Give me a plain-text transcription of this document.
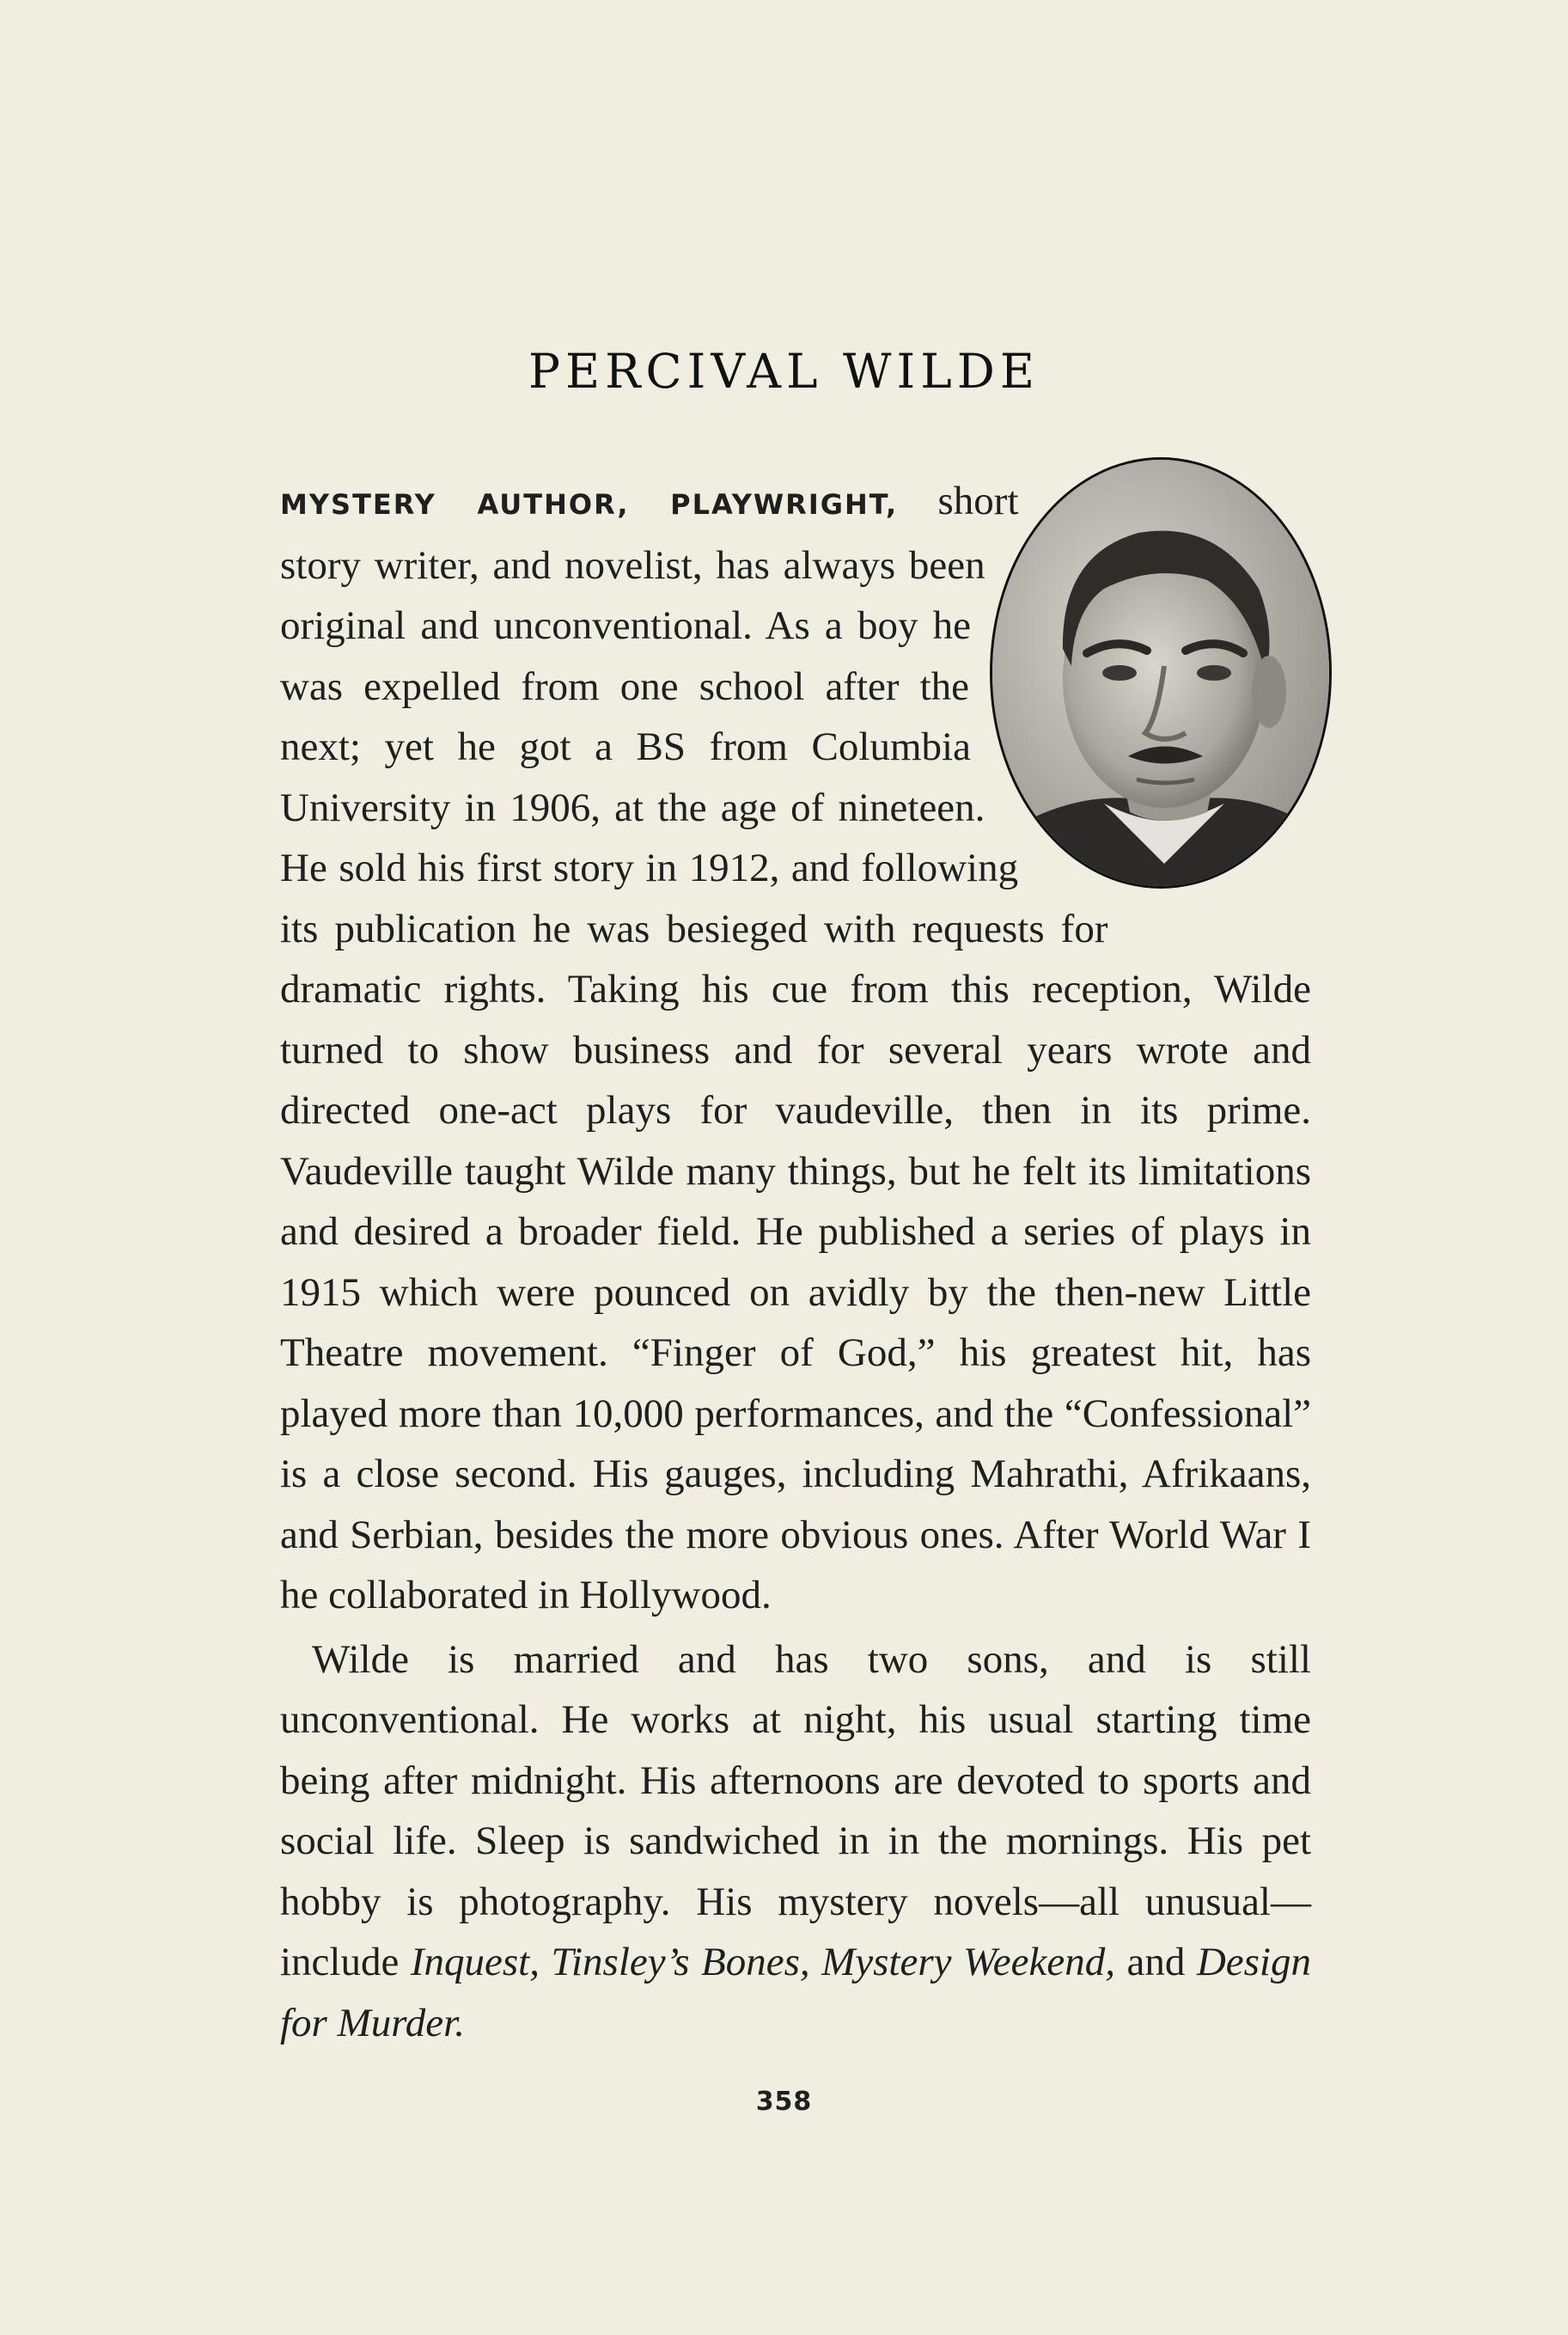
PERCIVAL WILDE

MYSTERY AUTHOR, PLAYWRIGHT, short story writer, and novelist, has always been original and unconventional. As a boy he was expelled from one school after the next; yet he got a BS from Columbia University in 1906, at the age of nineteen. He sold his first story in 1912, and following its publication he was besieged with requests for dramatic rights. Taking his cue from this reception, Wilde turned to show business and for several years wrote and directed one-act plays for vaudeville, then in its prime. Vaudeville taught Wilde many things, but he felt its limitations and desired a broader field. He published a series of plays in 1915 which were pounced on avidly by the then-new Little Theatre movement. “Finger of God,” his greatest hit, has played more than 10,000 performances, and the “Confessional” is a close second. His gauges, including Mahrathi, Afrikaans, and Serbian, besides the more obvious ones. After World War I he collaborated in Hollywood.

Wilde is married and has two sons, and is still unconventional. He works at night, his usual starting time being after midnight. His afternoons are devoted to sports and social life. Sleep is sandwiched in in the mornings. His pet hobby is photography. His mystery novels—all unusual—include Inquest, Tinsley’s Bones, Mystery Weekend, and Design for Murder.

358
